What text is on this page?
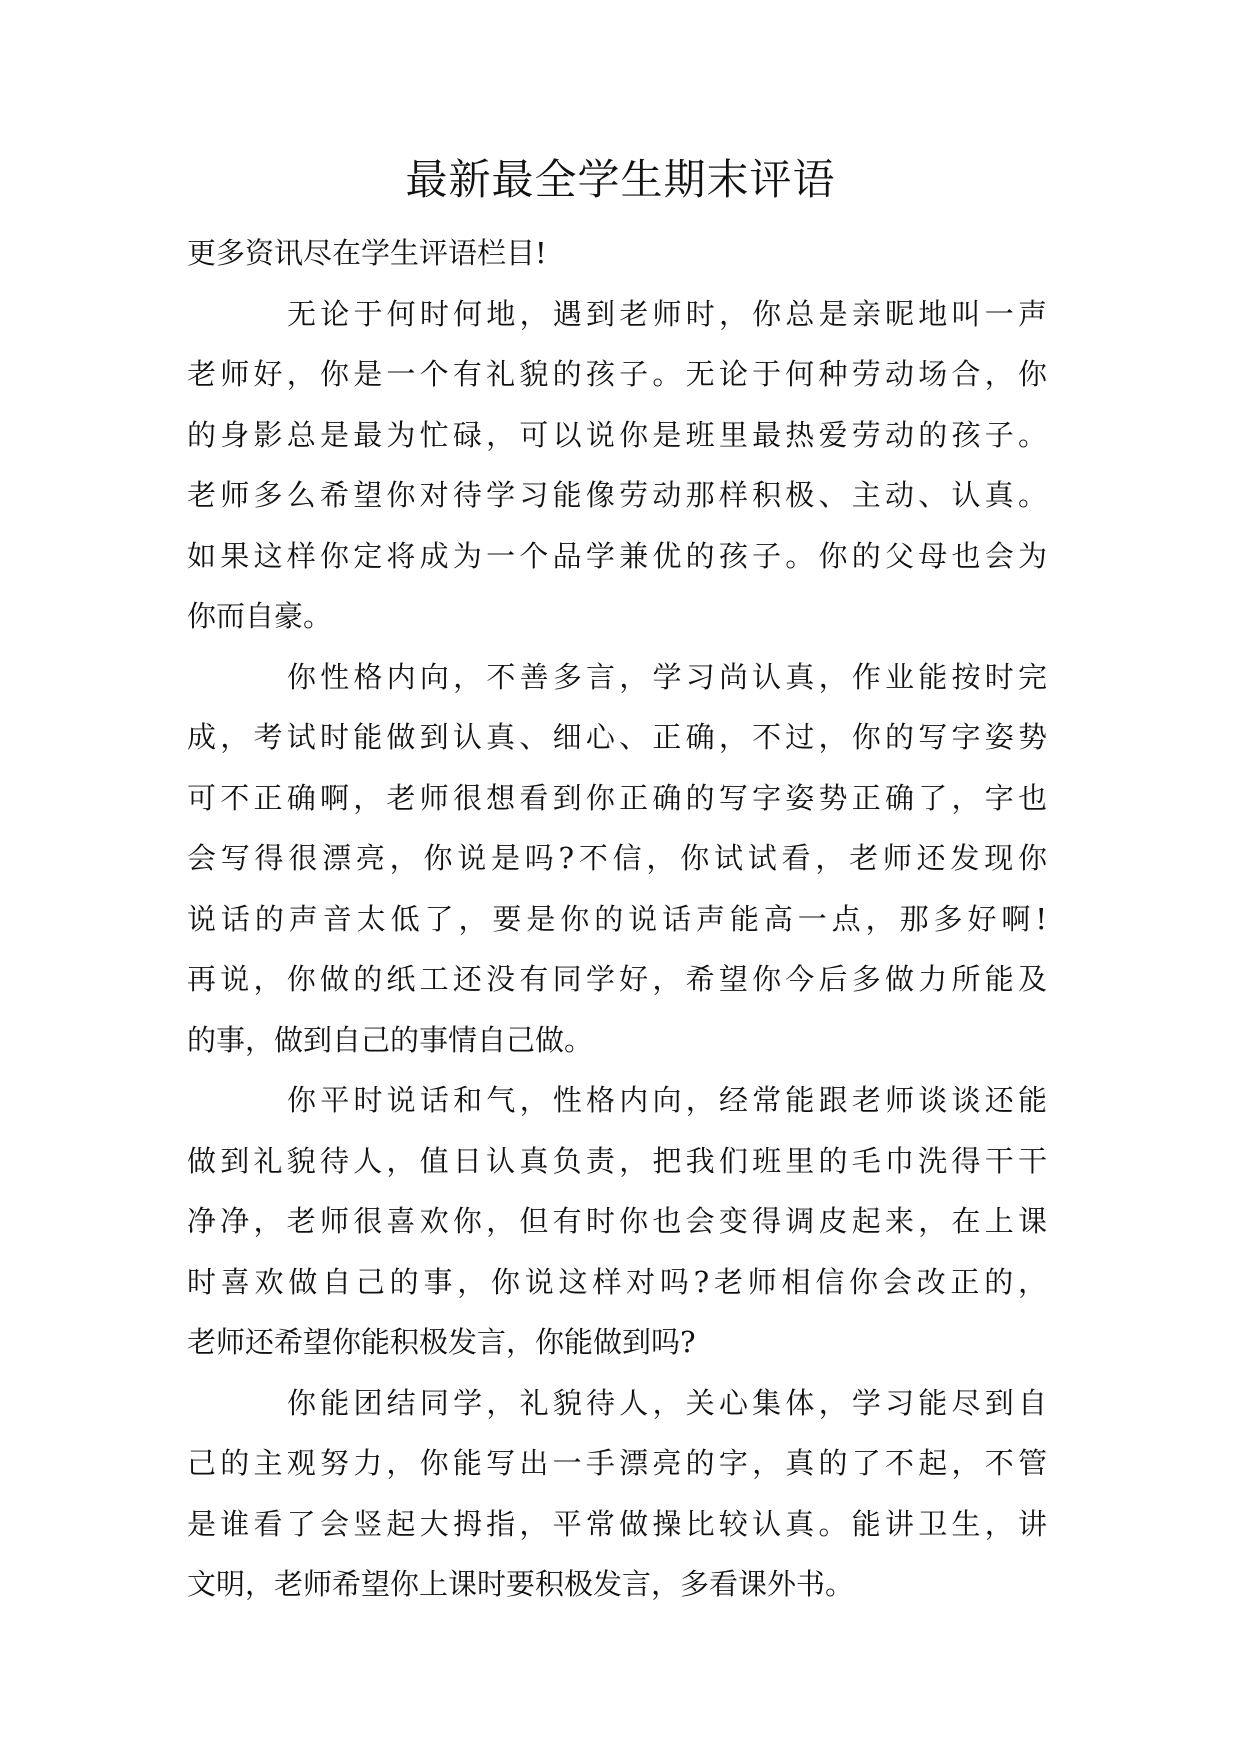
最新最全学生期末评语

更多资讯尽在学生评语栏目!

无论于何时何地，遇到老师时，你总是亲昵地叫一声

老师好，你是一个有礼貌的孩子。无论于何种劳动场合，你

的身影总是最为忙碌，可以说你是班里最热爱劳动的孩子。

老师多么希望你对待学习能像劳动那样积极、主动、认真。

如果这样你定将成为一个品学兼优的孩子。你的父母也会为

你而自豪。

你性格内向，不善多言，学习尚认真，作业能按时完

成，考试时能做到认真、细心、正确，不过，你的写字姿势

可不正确啊，老师很想看到你正确的写字姿势正确了，字也

会写得很漂亮，你说是吗?不信，你试试看，老师还发现你

说话的声音太低了，要是你的说话声能高一点，那多好啊!

再说，你做的纸工还没有同学好，希望你今后多做力所能及

的事，做到自己的事情自己做。

你平时说话和气，性格内向，经常能跟老师谈谈还能

做到礼貌待人，值日认真负责，把我们班里的毛巾洗得干干

净净，老师很喜欢你，但有时你也会变得调皮起来，在上课

时喜欢做自己的事，你说这样对吗?老师相信你会改正的，

老师还希望你能积极发言，你能做到吗?

你能团结同学，礼貌待人，关心集体，学习能尽到自

己的主观努力，你能写出一手漂亮的字，真的了不起，不管

是谁看了会竖起大拇指，平常做操比较认真。能讲卫生，讲

文明，老师希望你上课时要积极发言，多看课外书。
